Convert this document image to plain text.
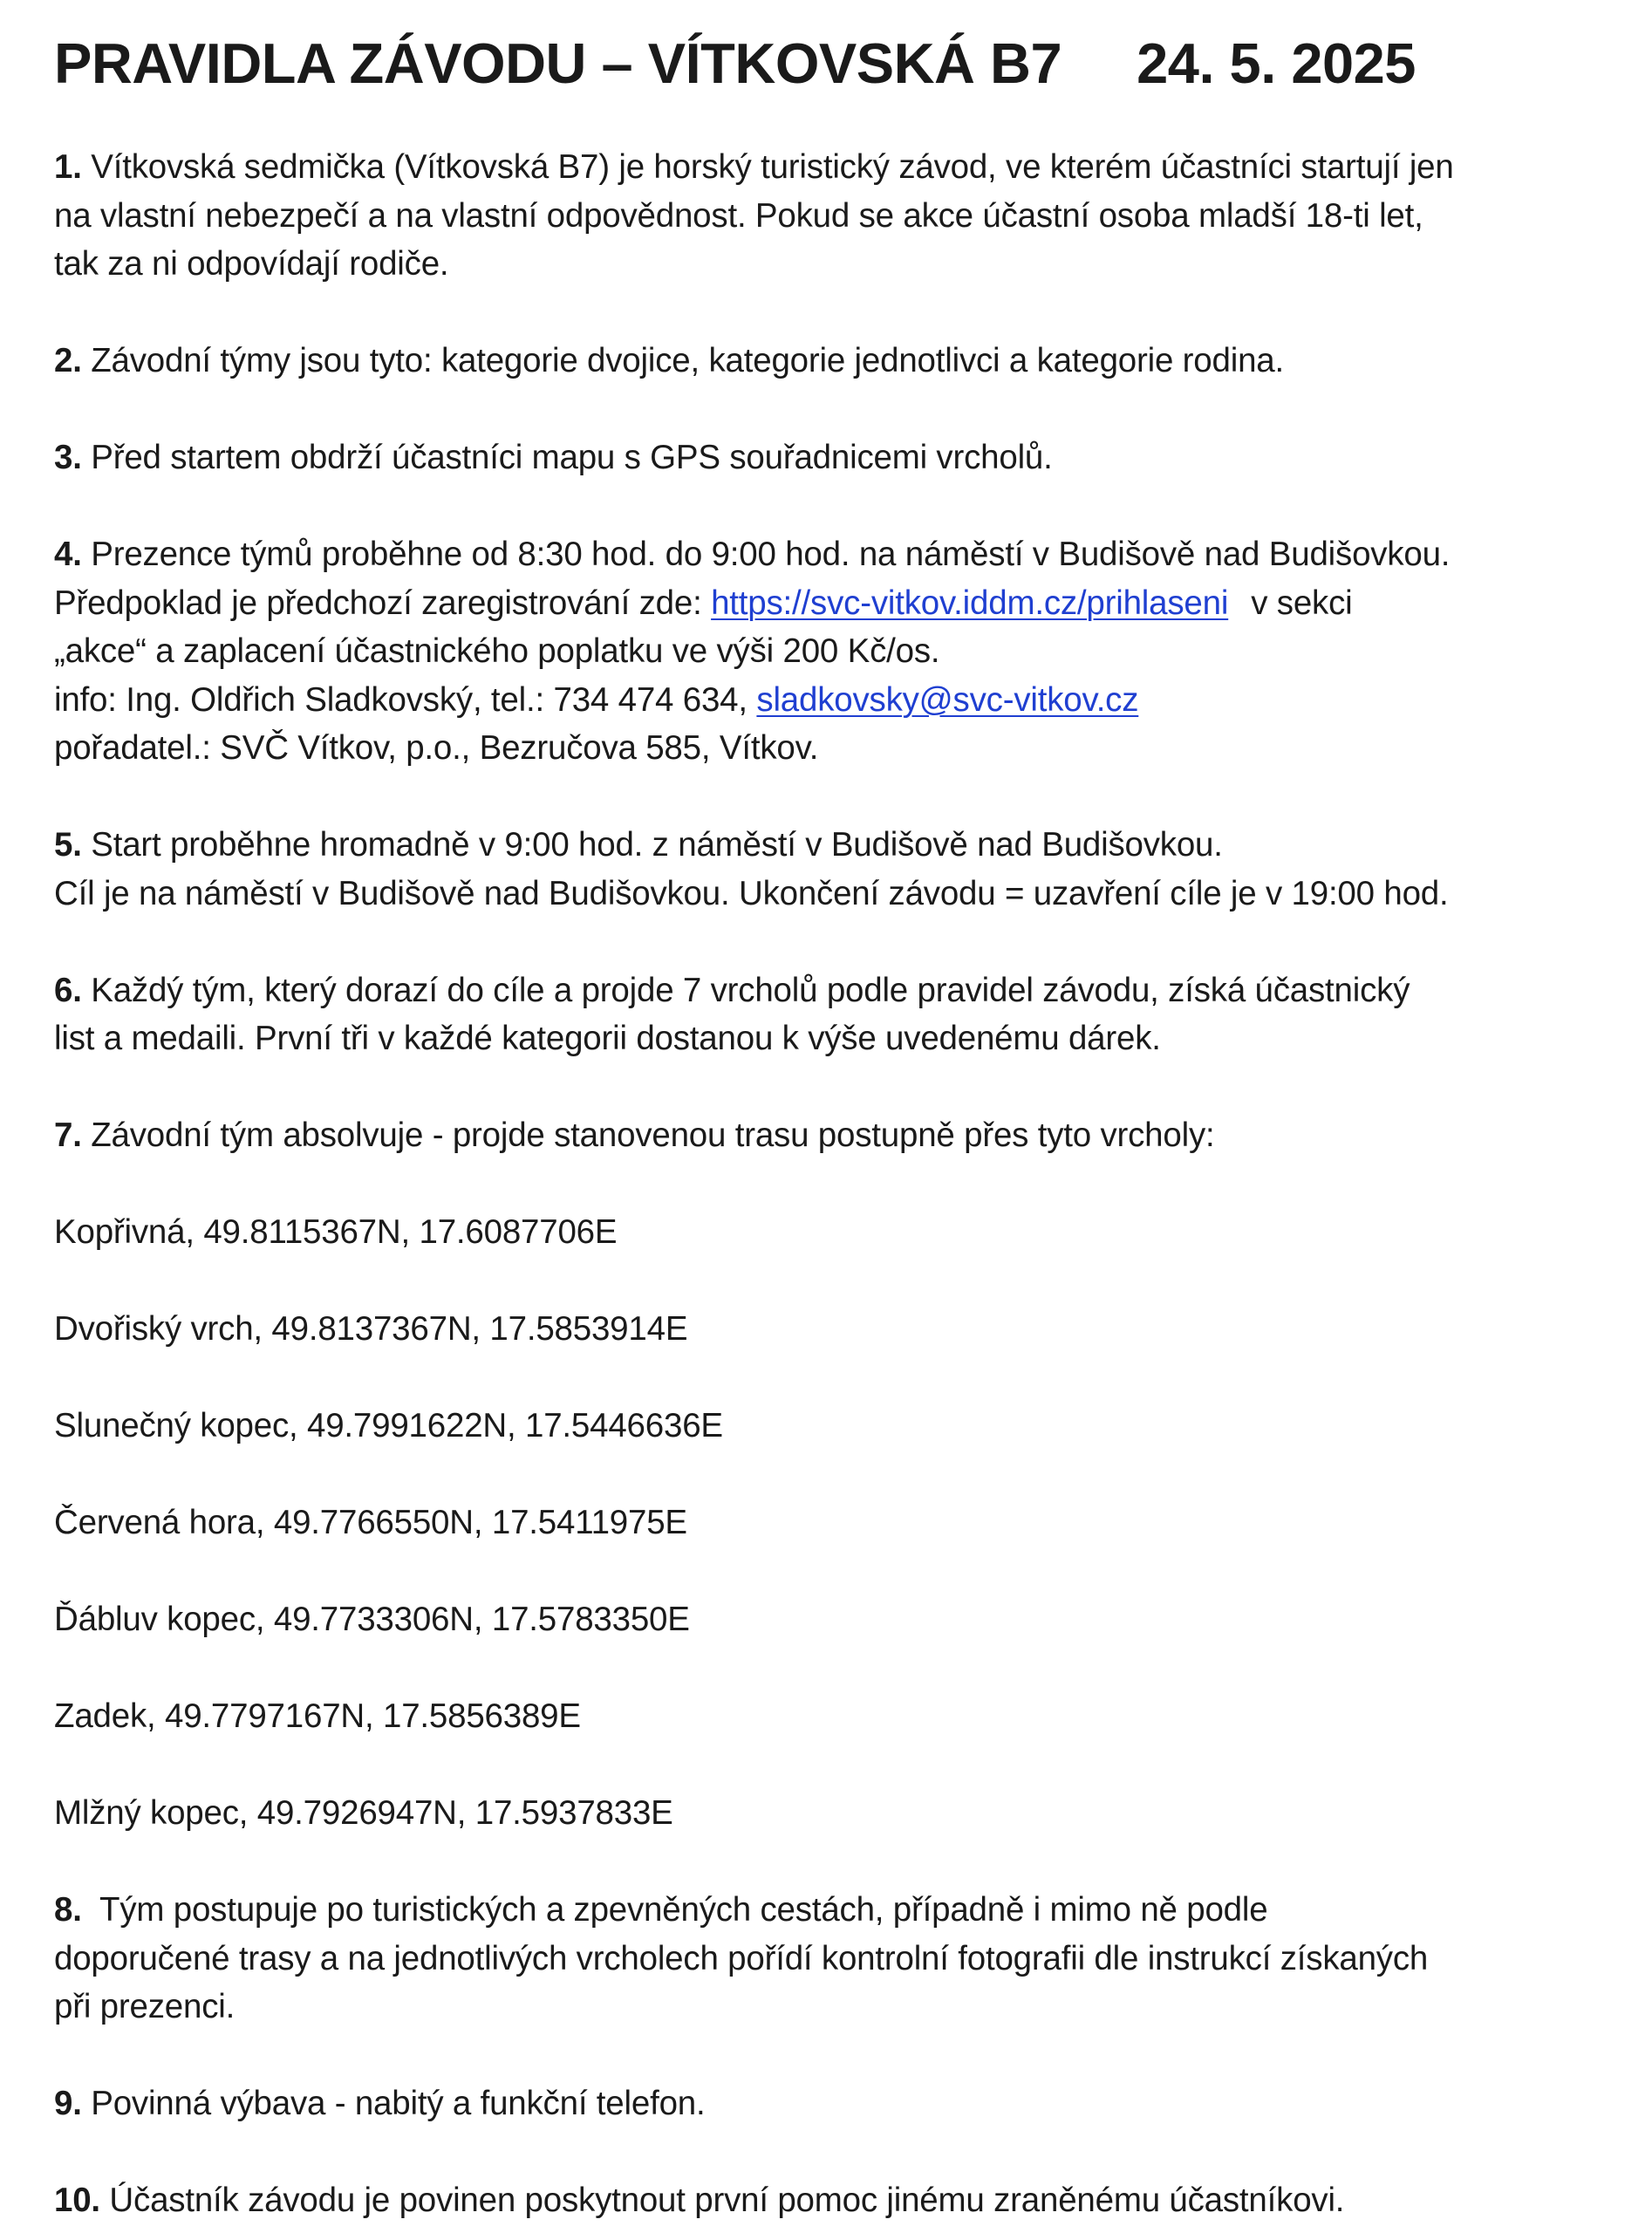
PRAVIDLA ZÁVODU – VÍTKOVSKÁ B7 24. 5. 2025
1. Vítkovská sedmička (Vítkovská B7) je horský turistický závod, ve kterém účastníci startují jen
na vlastní nebezpečí a na vlastní odpovědnost. Pokud se akce účastní osoba mladší 18-ti let,
tak za ni odpovídají rodiče.
2. Závodní týmy jsou tyto: kategorie dvojice, kategorie jednotlivci a kategorie rodina.
3. Před startem obdrží účastníci mapu s GPS souřadnicemi vrcholů.
4. Prezence týmů proběhne od 8:30 hod. do 9:00 hod. na náměstí v Budišově nad Budišovkou.
Předpoklad je předchozí zaregistrování zde: https://svc-vitkov.iddm.cz/prihlaseni v sekci
„akce“ a zaplacení účastnického poplatku ve výši 200 Kč/os.
info: Ing. Oldřich Sladkovský, tel.: 734 474 634, sladkovsky@svc-vitkov.cz
pořadatel.: SVČ Vítkov, p.o., Bezručova 585, Vítkov.
5. Start proběhne hromadně v 9:00 hod. z náměstí v Budišově nad Budišovkou.
Cíl je na náměstí v Budišově nad Budišovkou. Ukončení závodu = uzavření cíle je v 19:00 hod.
6. Každý tým, který dorazí do cíle a projde 7 vrcholů podle pravidel závodu, získá účastnický
list a medaili. První tři v každé kategorii dostanou k výše uvedenému dárek.
7. Závodní tým absolvuje - projde stanovenou trasu postupně přes tyto vrcholy:
Kopřivná, 49.8115367N, 17.6087706E
Dvořiský vrch, 49.8137367N, 17.5853914E
Slunečný kopec, 49.7991622N, 17.5446636E
Červená hora, 49.7766550N, 17.5411975E
Ďábluv kopec, 49.7733306N, 17.5783350E
Zadek, 49.7797167N, 17.5856389E
Mlžný kopec, 49.7926947N, 17.5937833E
8.  Tým postupuje po turistických a zpevněných cestách, případně i mimo ně podle
doporučené trasy a na jednotlivých vrcholech pořídí kontrolní fotografii dle instrukcí získaných
při prezenci.
9. Povinná výbava - nabitý a funkční telefon.
10. Účastník závodu je povinen poskytnout první pomoc jinému zraněnému účastníkovi.
